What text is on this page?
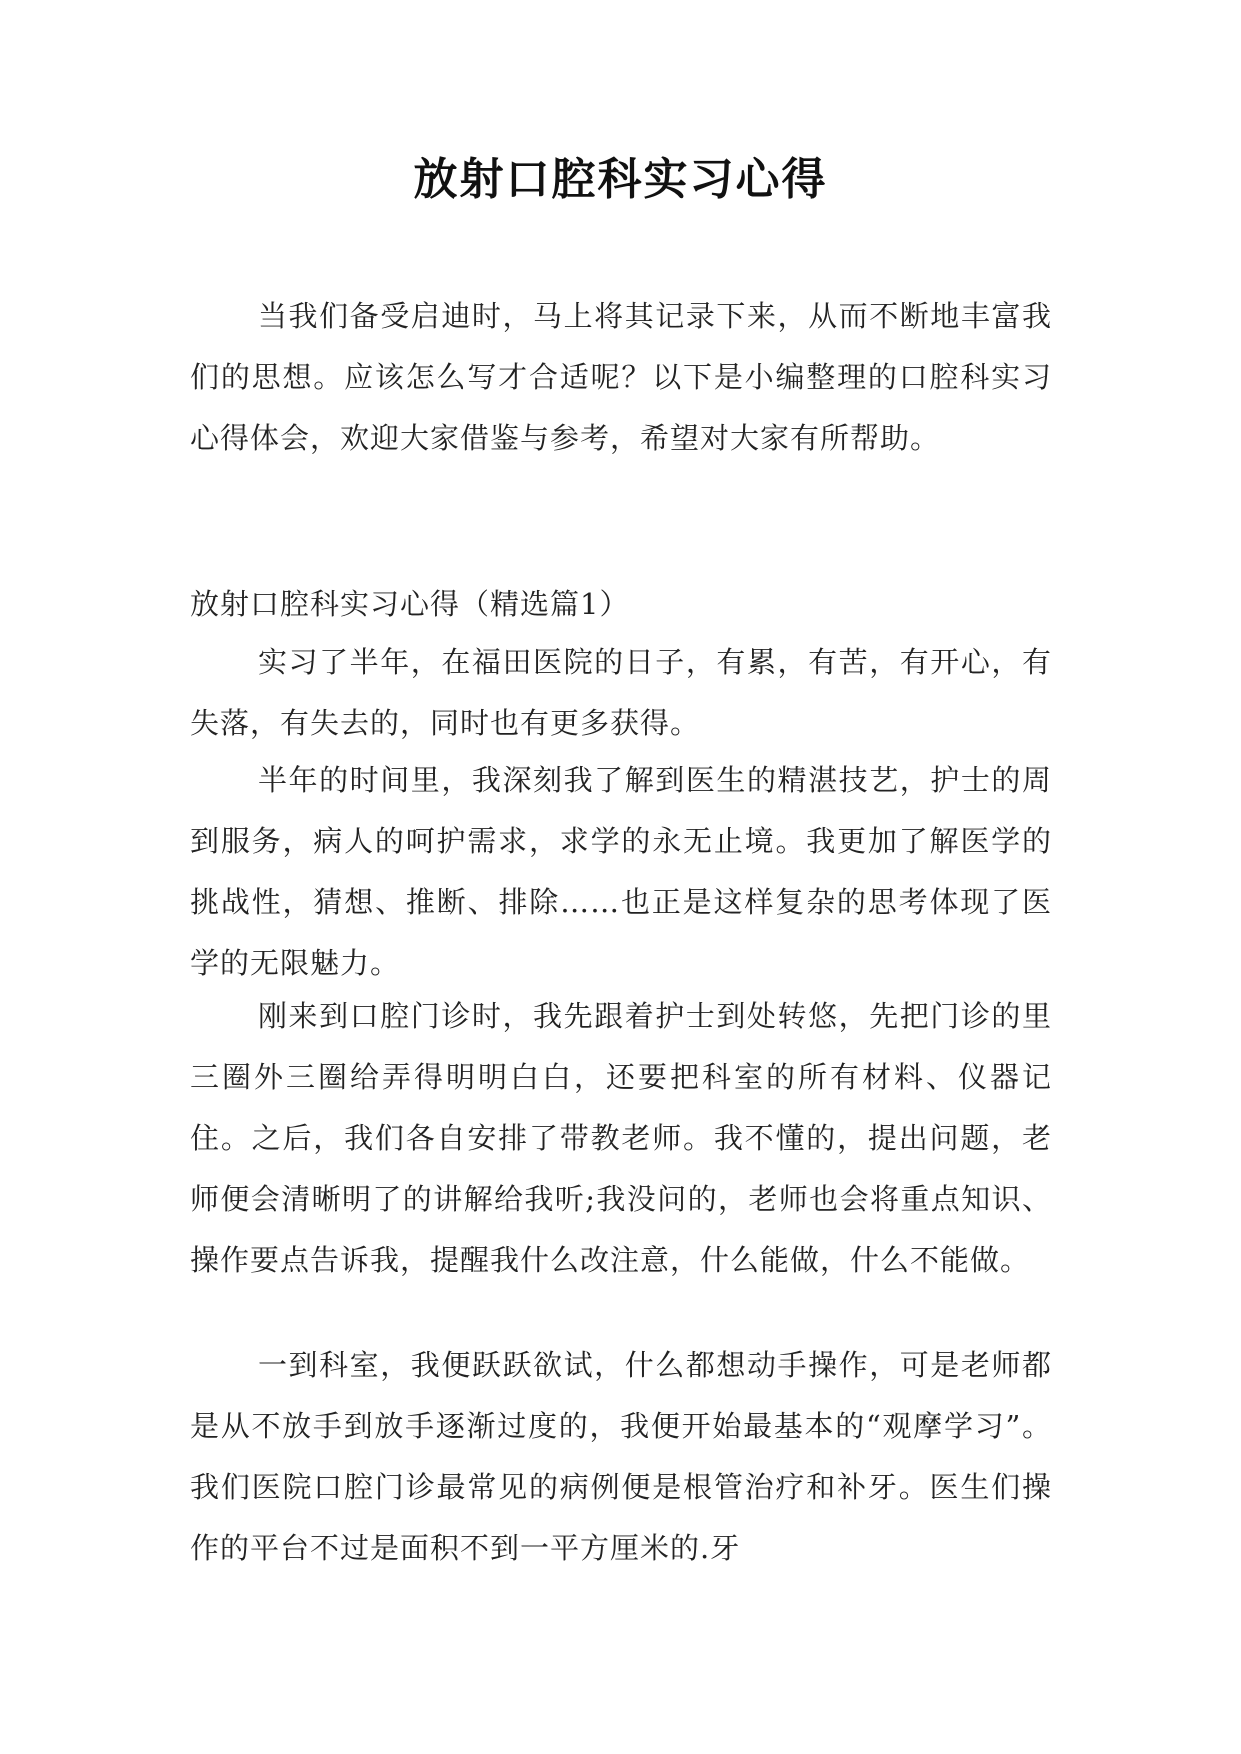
放射口腔科实习心得

当我们备受启迪时，马上将其记录下来，从而不断地丰富我们的思想。应该怎么写才合适呢？以下是小编整理的口腔科实习心得体会，欢迎大家借鉴与参考，希望对大家有所帮助。

放射口腔科实习心得（精选篇1）

实习了半年，在福田医院的日子，有累，有苦，有开心，有失落，有失去的，同时也有更多获得。

半年的时间里，我深刻我了解到医生的精湛技艺，护士的周到服务，病人的呵护需求，求学的永无止境。我更加了解医学的挑战性，猜想、推断、排除……也正是这样复杂的思考体现了医学的无限魅力。

刚来到口腔门诊时，我先跟着护士到处转悠，先把门诊的里三圈外三圈给弄得明明白白，还要把科室的所有材料、仪器记住。之后，我们各自安排了带教老师。我不懂的，提出问题，老师便会清晰明了的讲解给我听;我没问的，老师也会将重点知识、操作要点告诉我，提醒我什么改注意，什么能做，什么不能做。

一到科室，我便跃跃欲试，什么都想动手操作，可是老师都是从不放手到放手逐渐过度的，我便开始最基本的“观摩学习”。我们医院口腔门诊最常见的病例便是根管治疗和补牙。医生们操作的平台不过是面积不到一平方厘米的.牙
